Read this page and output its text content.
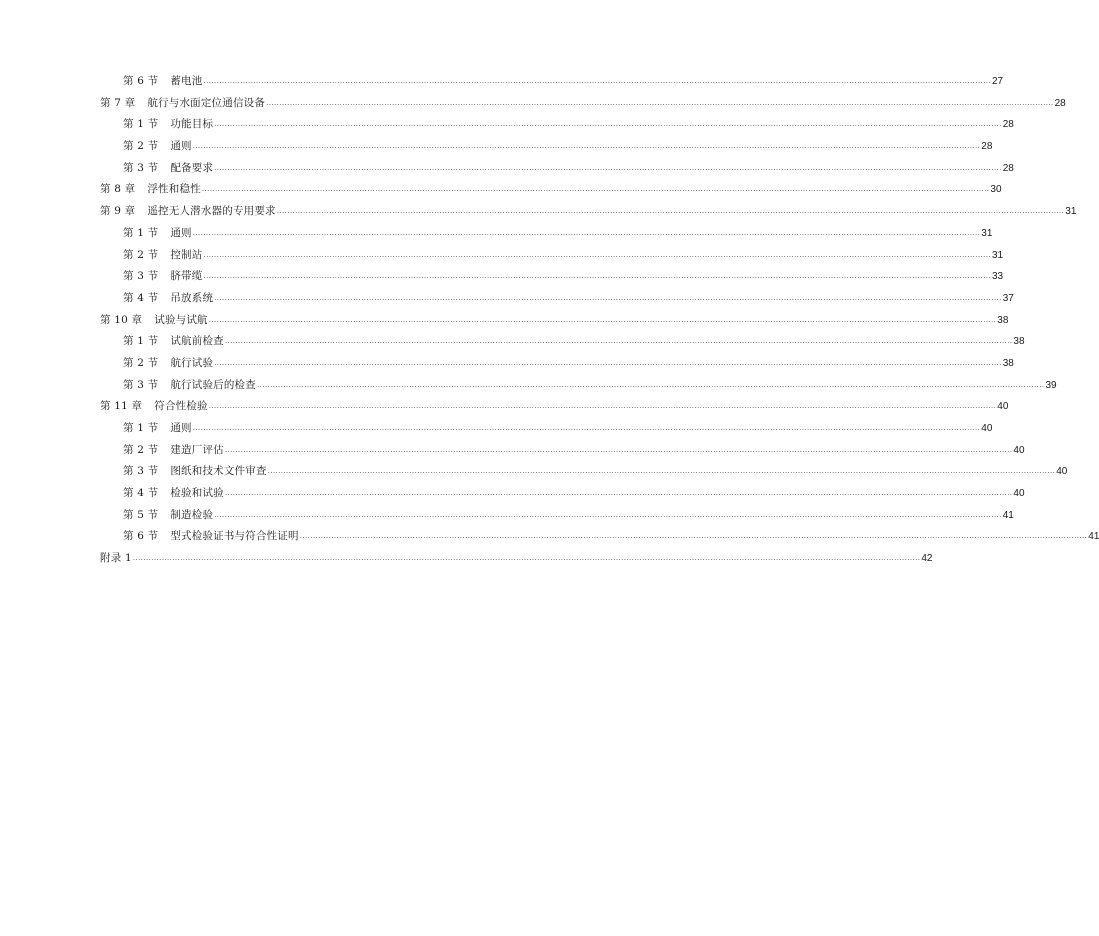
第 6 节 蓄电池 ............................................................................................................................................................................................................................................................................................................ 27
第 7 章 航行与水面定位通信设备 ............................................................................................................................................................................................................................................................................................................ 28
第 1 节 功能目标 ............................................................................................................................................................................................................................................................................................................ 28
第 2 节 通则 ............................................................................................................................................................................................................................................................................................................ 28
第 3 节 配备要求 ............................................................................................................................................................................................................................................................................................................ 28
第 8 章 浮性和稳性 ............................................................................................................................................................................................................................................................................................................ 30
第 9 章 遥控无人潜水器的专用要求 ............................................................................................................................................................................................................................................................................................................ 31
第 1 节 通则 ............................................................................................................................................................................................................................................................................................................ 31
第 2 节 控制站 ............................................................................................................................................................................................................................................................................................................ 31
第 3 节 脐带缆 ............................................................................................................................................................................................................................................................................................................ 33
第 4 节 吊放系统 ............................................................................................................................................................................................................................................................................................................ 37
第 10 章 试验与试航 ............................................................................................................................................................................................................................................................................................................ 38
第 1 节 试航前检查 ............................................................................................................................................................................................................................................................................................................ 38
第 2 节 航行试验 ............................................................................................................................................................................................................................................................................................................ 38
第 3 节 航行试验后的检查 ............................................................................................................................................................................................................................................................................................................ 39
第 11 章 符合性检验 ............................................................................................................................................................................................................................................................................................................ 40
第 1 节 通则 ............................................................................................................................................................................................................................................................................................................ 40
第 2 节 建造厂评估 ............................................................................................................................................................................................................................................................................................................ 40
第 3 节 图纸和技术文件审查 ............................................................................................................................................................................................................................................................................................................ 40
第 4 节 检验和试验 ............................................................................................................................................................................................................................................................................................................ 40
第 5 节 制造检验 ............................................................................................................................................................................................................................................................................................................ 41
第 6 节 型式检验证书与符合性证明 ............................................................................................................................................................................................................................................................................................................ 41
附录 1 ............................................................................................................................................................................................................................................................................................................ 42
